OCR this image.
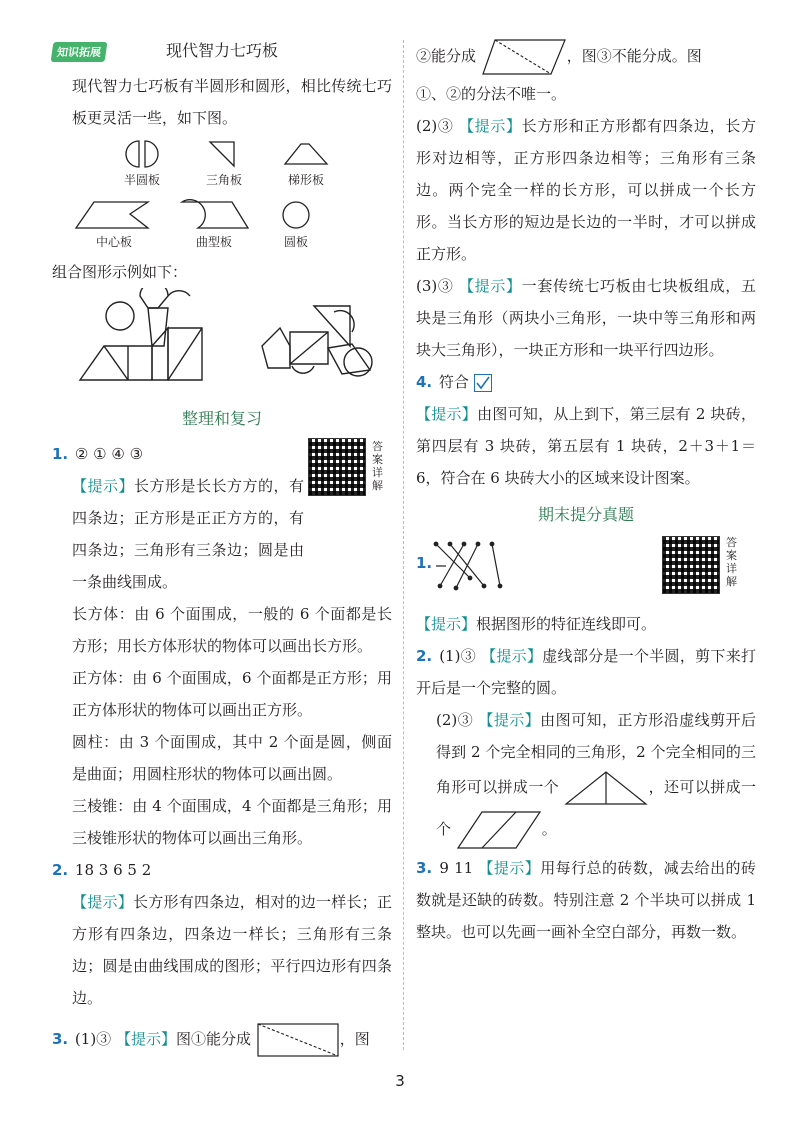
知识拓展	现代智力七巧板

现代智力七巧板有半圆形和圆形，相比传统七巧板更灵活一些，如下图。

半圆板	三角板	梯形板
中心板	曲型板	圆板

组合图形示例如下：

整理和复习

1. ② ① ④ ③	答案详解

【提示】长方形是长长方方的，有四条边；正方形是正正方方的，有四条边；三角形有三条边；圆是由一条曲线围成。

长方体：由 6 个面围成，一般的 6 个面都是长方形；用长方体形状的物体可以画出长方形。

正方体：由 6 个面围成，6 个面都是正方形；用正方体形状的物体可以画出正方形。

圆柱：由 3 个面围成，其中 2 个面是圆，侧面是曲面；用圆柱形状的物体可以画出圆。

三棱锥：由 4 个面围成，4 个面都是三角形；用三棱锥形状的物体可以画出三角形。

2. 18 3 6 5 2

【提示】长方形有四条边，相对的边一样长；正方形有四条边，四条边一样长；三角形有三条边；圆是由曲线围成的图形；平行四边形有四条边。

3. (1)③ 【提示】图①能分成	，图

②能分成	，图③不能分成。图

①、②的分法不唯一。

(2)③ 【提示】长方形和正方形都有四条边，长方形对边相等，正方形四条边相等；三角形有三条边。两个完全一样的长方形，可以拼成一个长方形。当长方形的短边是长边的一半时，才可以拼成正方形。

(3)③ 【提示】一套传统七巧板由七块板组成，五块是三角形（两块小三角形，一块中等三角形和两块大三角形），一块正方形和一块平行四边形。

4. 符合

【提示】由图可知，从上到下，第三层有 2 块砖，第四层有 3 块砖，第五层有 1 块砖，2＋3＋1＝6，符合在 6 块砖大小的区域来设计图案。

期末提分真题
1.
答案详解

【提示】根据图形的特征连线即可。

2. (1)③ 【提示】虚线部分是一个半圆，剪下来打开后是一个完整的圆。

(2)③ 【提示】由图可知，正方形沿虚线剪开后得到 2 个完全相同的三角形，2 个完全相同的三角形可以拼成一个	，还可以拼成一个	。

3. 9 11 【提示】用每行总的砖数，减去给出的砖数就是还缺的砖数。特别注意 2 个半块可以拼成 1 整块。也可以先画一画补全空白部分，再数一数。

3
